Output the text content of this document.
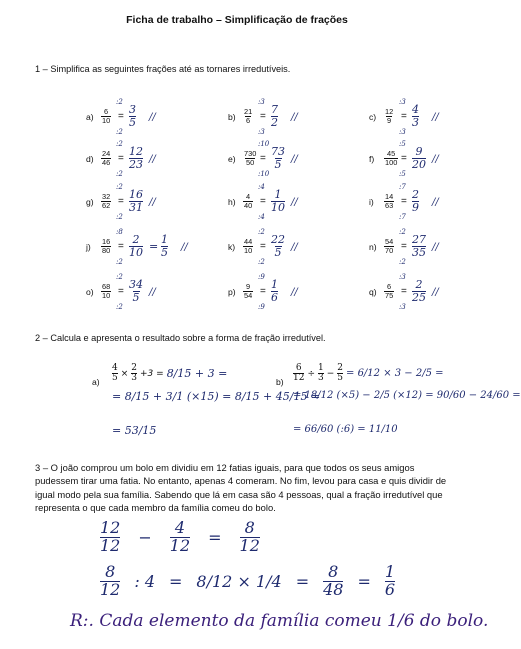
Ficha de trabalho – Simplificação de frações
1 – Simplifica as seguintes frações até as tornares irredutíveis.
$a) \frac{6}{10} = \frac{3}{5}$ //
:2
:2
$b) \frac{21}{6} = \frac{7}{2}$ //
:3
:3
$c) \frac{12}{9} = \frac{4}{3}$ //
:3
:3
$d) \frac{24}{46} = \frac{12}{23}$ //
:2
:2
$e) \frac{730}{50} = \frac{73}{5}$ //
:10
:10
$f) \frac{45}{100} = \frac{9}{20}$ //
:5
:5
$g) \frac{32}{62} = \frac{16}{31}$ //
:2
:2
$h) \frac{4}{40} = \frac{1}{10}$ //
:4
:4
$i) \frac{14}{63} = \frac{2}{9}$ //
:7
:7
$j) \frac{16}{80} = \frac{2}{10} = \frac{1}{5}$ //
:8
:2
$k) \frac{44}{10} = \frac{22}{5}$ //
:2
:2
$n) \frac{54}{70} = \frac{27}{35}$ //
:2
:2
$o) \frac{68}{10} = \frac{34}{5}$ //
:2
:2
$p) \frac{9}{54} = \frac{1}{6}$ //
:9
:9
$q) \frac{6}{75} = \frac{2}{25}$ //
:3
:3
2 – Calcula e apresenta o resultado sobre a forma de fração irredutível.
$a) \frac{4}{5} \times \frac{2}{3} +3 = 8/15 + 3$ =
= 8/15 + 3/1 (×15) = 8/15 + 45/15 =
= 53/15
$b) \frac{6}{12} \div \frac{1}{3} - \frac{2}{5} = 6/12 \times 3 - 2/5$ =
= 18/12 (×5) − 2/5 (×12) = 90/60 − 24/60 =
= 66/60 (:6) = 11/10
3 – O joão comprou um bolo em dividiu em 12 fatias iguais, para que todos os seus amigos pudessem tirar uma fatia. No entanto, apenas 4 comeram. No fim, levou para casa e quis dividir de igual modo pela sua família. Sabendo que lá em casa são 4 pessoas, qual a fração irredutível que representa o que cada membro da família comeu do bolo.
$\frac{12}{12} - \frac{4}{12} = \frac{8}{12}$
$\frac{8}{12}$ : $4 = 8/12 \times 1/4 = \frac{8}{48} = \frac{1}{6}$
R:. Cada elemento da família comeu 1/6 do bolo.
